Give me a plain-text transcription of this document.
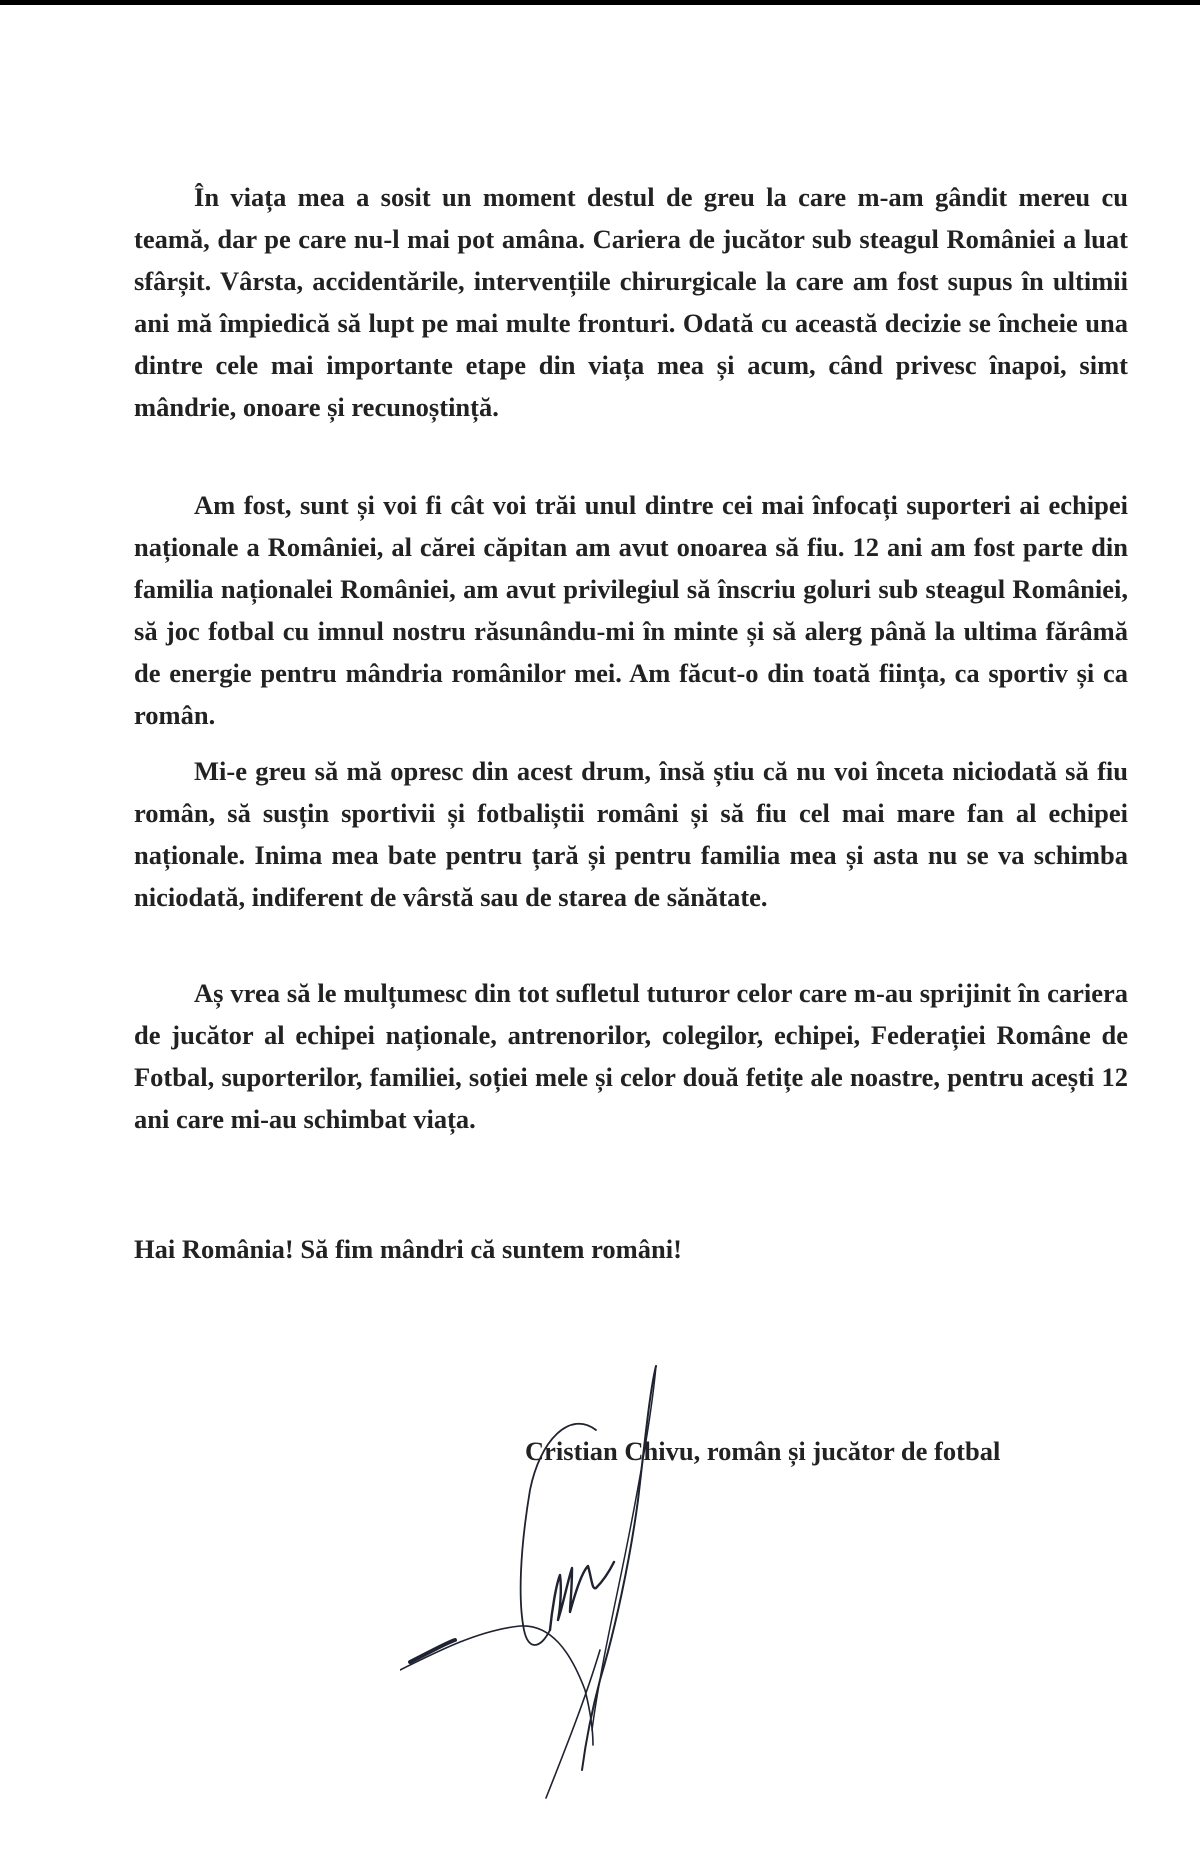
În viața mea a sosit un moment destul de greu la care m-am gândit mereu cu teamă, dar pe care nu-l mai pot amâna. Cariera de jucător sub steagul României a luat sfârșit. Vârsta, accidentările, intervențiile chirurgicale la care am fost supus în ultimii ani mă împiedică să lupt pe mai multe fronturi. Odată cu această decizie se încheie una dintre cele mai importante etape din viața mea și acum, când privesc înapoi, simt mândrie, onoare și recunoștință.

Am fost, sunt și voi fi cât voi trăi unul dintre cei mai înfocați suporteri ai echipei naționale a României, al cărei căpitan am avut onoarea să fiu. 12 ani am fost parte din familia naționalei României, am avut privilegiul să înscriu goluri sub steagul României, să joc fotbal cu imnul nostru răsunându-mi în minte și să alerg până la ultima fărâmă de energie pentru mândria românilor mei. Am făcut-o din toată ființa, ca sportiv și ca român.

Mi-e greu să mă opresc din acest drum, însă știu că nu voi înceta niciodată să fiu român, să susțin sportivii și fotbaliștii români și să fiu cel mai mare fan al echipei naționale. Inima mea bate pentru țară și pentru familia mea și asta nu se va schimba niciodată, indiferent de vârstă sau de starea de sănătate.

Aș vrea să le mulțumesc din tot sufletul tuturor celor care m-au sprijinit în cariera de jucător al echipei naționale, antrenorilor, colegilor, echipei, Federației Române de Fotbal, suporterilor, familiei, soției mele și celor două fetițe ale noastre, pentru acești 12 ani care mi-au schimbat viața.

Hai România! Să fim mândri că suntem români!

Cristian Chivu, român și jucător de fotbal
